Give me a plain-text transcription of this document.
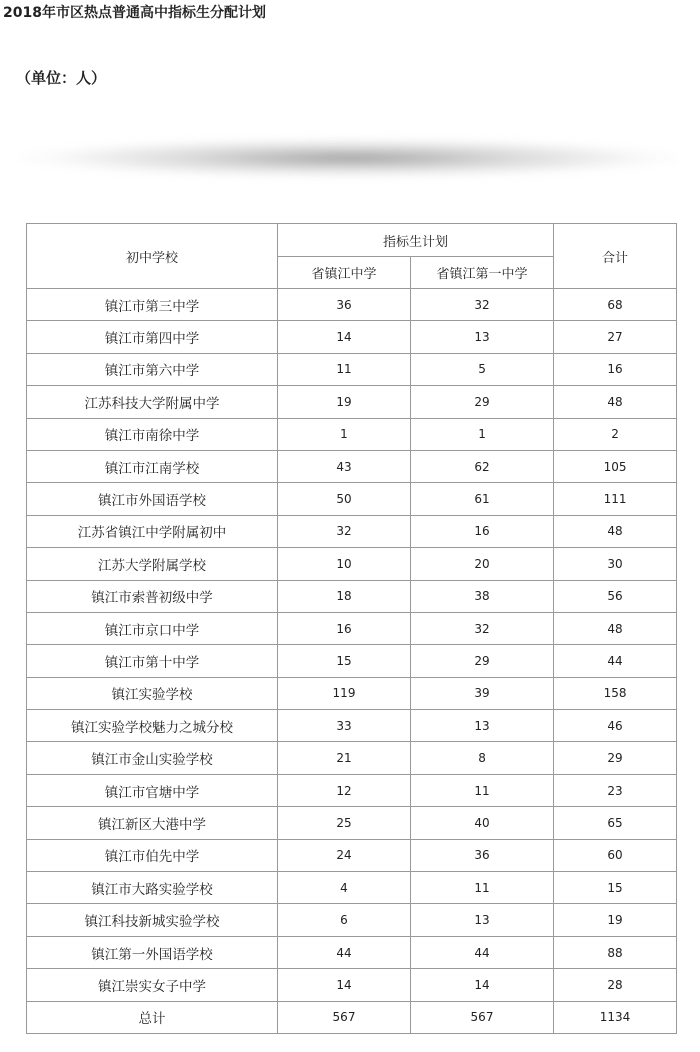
2018年市区热点普通高中指标生分配计划
（单位：人）
初中学校	指标生计划		合计
	省镇江中学	省镇江第一中学	
镇江市第三中学	36	32	68
镇江市第四中学	14	13	27
镇江市第六中学	11	5	16
江苏科技大学附属中学	19	29	48
镇江市南徐中学	1	1	2
镇江市江南学校	43	62	105
镇江市外国语学校	50	61	111
江苏省镇江中学附属初中	32	16	48
江苏大学附属学校	10	20	30
镇江市索普初级中学	18	38	56
镇江市京口中学	16	32	48
镇江市第十中学	15	29	44
镇江实验学校	119	39	158
镇江实验学校魅力之城分校	33	13	46
镇江市金山实验学校	21	8	29
镇江市官塘中学	12	11	23
镇江新区大港中学	25	40	65
镇江市伯先中学	24	36	60
镇江市大路实验学校	4	11	15
镇江科技新城实验学校	6	13	19
镇江第一外国语学校	44	44	88
镇江崇实女子中学	14	14	28
总计	567	567	1134
